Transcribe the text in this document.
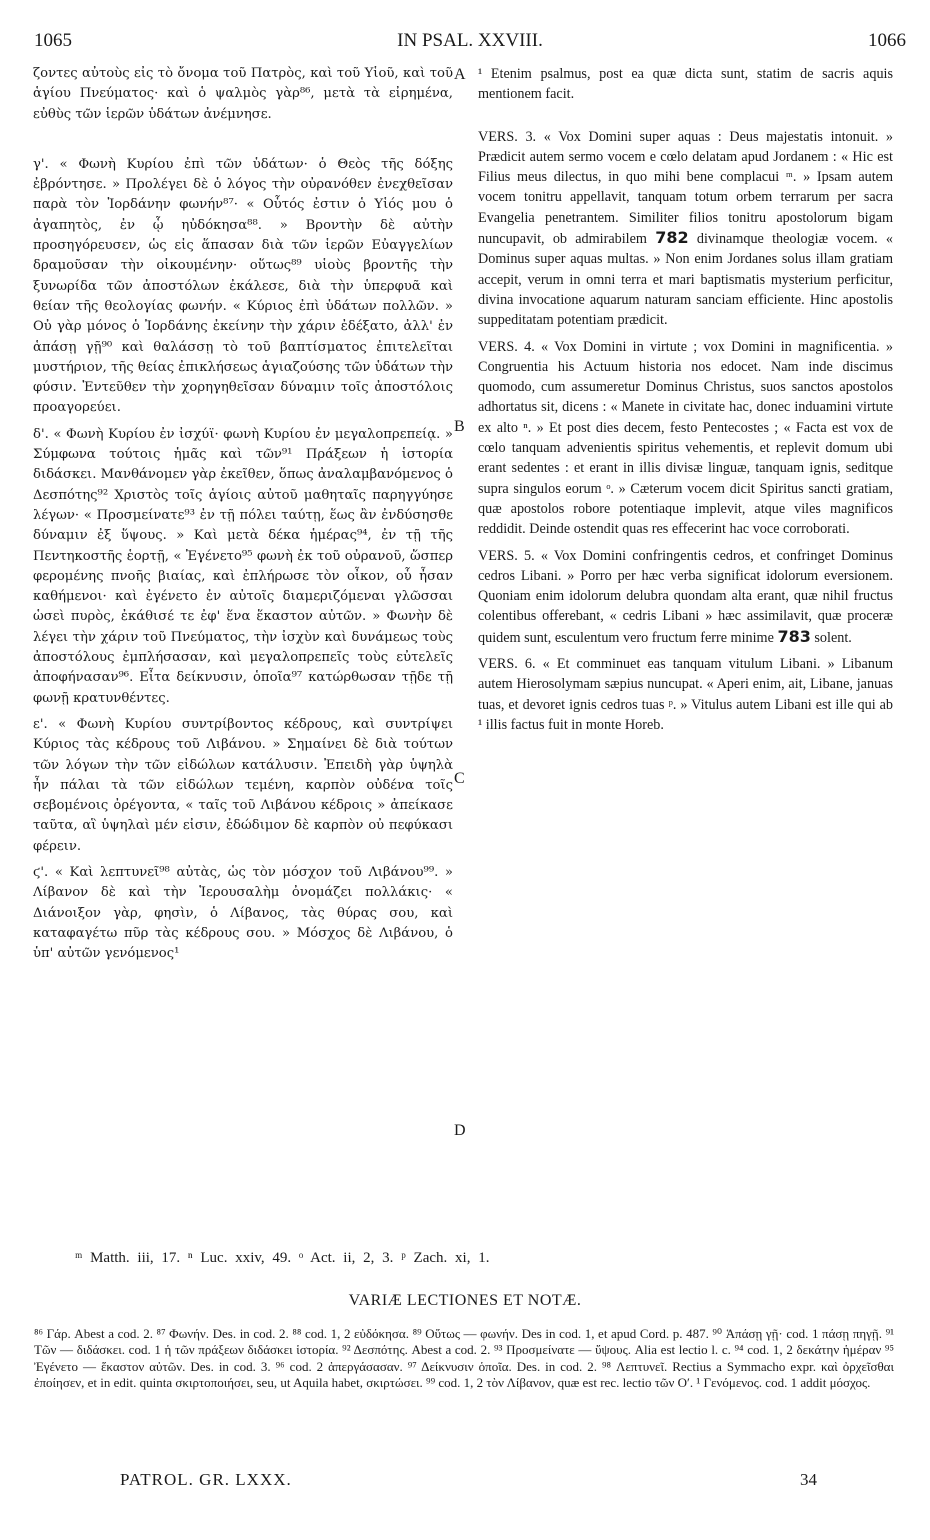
1065	IN PSAL. XXVIII.	1066

ζοντες αὐτοὺς εἰς τὸ ὄνομα τοῦ Πατρὸς, καὶ τοῦ Υἱοῦ, καὶ τοῦ ἁγίου Πνεύματος· καὶ ὁ ψαλμὸς γὰρ⁸⁶, μετὰ τὰ εἰρημένα, εὐθὺς τῶν ἱερῶν ὑδάτων ἀνέμνησε.

γ'. « Φωνὴ Κυρίου ἐπὶ τῶν ὑδάτων· ὁ Θεὸς τῆς δόξης ἐβρόντησε. » Προλέγει δὲ ὁ λόγος τὴν οὐρανόθεν ἐνεχθεῖσαν παρὰ τὸν Ἰορδάνην φωνήν⁸⁷· « Οὗτός ἐστιν ὁ Υἱός μου ὁ ἀγαπητὸς, ἐν ᾧ ηὐδόκησα⁸⁸. » Βροντὴν δὲ αὐτὴν προσηγόρευσεν, ὡς εἰς ἅπασαν διὰ τῶν ἱερῶν Εὐαγγελίων δραμοῦσαν τὴν οἰκουμένην· οὕτως⁸⁹ υἱοὺς βροντῆς τὴν ξυνωρίδα τῶν ἀποστόλων ἐκάλεσε, διὰ τὴν ὑπερφυᾶ καὶ θείαν τῆς θεολογίας φωνήν. « Κύριος ἐπὶ ὑδάτων πολλῶν. » Οὐ γὰρ μόνος ὁ Ἰορδάνης ἐκείνην τὴν χάριν ἐδέξατο, ἀλλ' ἐν ἁπάσῃ γῇ⁹⁰ καὶ θαλάσσῃ τὸ τοῦ βαπτίσματος ἐπιτελεῖται μυστήριον, τῆς θείας ἐπικλήσεως ἁγιαζούσης τῶν ὑδάτων τὴν φύσιν. Ἐντεῦθεν τὴν χορηγηθεῖσαν δύναμιν τοῖς ἀποστόλοις προαγορεύει.

δ'. « Φωνὴ Κυρίου ἐν ἰσχύϊ· φωνὴ Κυρίου ἐν μεγαλοπρεπείᾳ. » Σύμφωνα τούτοις ἡμᾶς καὶ τῶν⁹¹ Πράξεων ἡ ἱστορία διδάσκει. Μανθάνομεν γὰρ ἐκεῖθεν, ὅπως ἀναλαμβανόμενος ὁ Δεσπότης⁹² Χριστὸς τοῖς ἁγίοις αὐτοῦ μαθηταῖς παρηγγύησε λέγων· « Προσμείνατε⁹³ ἐν τῇ πόλει ταύτῃ, ἕως ἂν ἐνδύσησθε δύναμιν ἐξ ὕψους. » Καὶ μετὰ δέκα ἡμέρας⁹⁴, ἐν τῇ τῆς Πεντηκοστῆς ἑορτῇ, « Ἐγένετο⁹⁵ φωνὴ ἐκ τοῦ οὐρανοῦ, ὥσπερ φερομένης πνοῆς βιαίας, καὶ ἐπλήρωσε τὸν οἶκον, οὗ ἦσαν καθήμενοι· καὶ ἐγένετο ἐν αὐτοῖς διαμεριζόμεναι γλῶσσαι ὡσεὶ πυρὸς, ἐκάθισέ τε ἐφ' ἕνα ἕκαστον αὐτῶν. » Φωνὴν δὲ λέγει τὴν χάριν τοῦ Πνεύματος, τὴν ἰσχὺν καὶ δυνάμεως τοὺς ἀποστόλους ἐμπλήσασαν, καὶ μεγαλοπρεπεῖς τοὺς εὐτελεῖς ἀποφήνασαν⁹⁶. Εἶτα δείκνυσιν, ὁποῖα⁹⁷ κατώρθωσαν τῇδε τῇ φωνῇ κρατυνθέντες.

ε'. « Φωνὴ Κυρίου συντρίβοντος κέδρους, καὶ συντρίψει Κύριος τὰς κέδρους τοῦ Λιβάνου. » Σημαίνει δὲ διὰ τούτων τῶν λόγων τὴν τῶν εἰδώλων κατάλυσιν. Ἐπειδὴ γὰρ ὑψηλὰ ἦν πάλαι τὰ τῶν εἰδώλων τεμένη, καρπὸν οὐδένα τοῖς σεβομένοις ὀρέγοντα, « ταῖς τοῦ Λιβάνου κέδροις » ἀπείκασε ταῦτα, αἳ ὑψηλαὶ μέν εἰσιν, ἐδώδιμον δὲ καρπὸν οὐ πεφύκασι φέρειν.

ϛ'. « Καὶ λεπτυνεῖ⁹⁸ αὐτὰς, ὡς τὸν μόσχον τοῦ Λιβάνου⁹⁹. » Λίβανον δὲ καὶ τὴν Ἱερουσαλὴμ ὀνομάζει πολλάκις· « Διάνοιξον γὰρ, φησὶν, ὁ Λίβανος, τὰς θύρας σου, καὶ καταφαγέτω πῦρ τὰς κέδρους σου. » Μόσχος δὲ Λιβάνου, ὁ ὑπ' αὐτῶν γενόμενος¹

¹ Etenim psalmus, post ea quæ dicta sunt, statim de sacris aquis mentionem facit.

VERS. 3. « Vox Domini super aquas : Deus majestatis intonuit. » Prædicit autem sermo vocem e cœlo delatam apud Jordanem : « Hic est Filius meus dilectus, in quo mihi bene complacui ᵐ. » Ipsam autem vocem tonitru appellavit, tanquam totum orbem terrarum per sacra Evangelia penetrantem. Similiter filios tonitru apostolorum bigam nuncupavit, ob admirabilem 782 divinamque theologiæ vocem. « Dominus super aquas multas. » Non enim Jordanes solus illam gratiam accepit, verum in omni terra et mari baptismatis mysterium perficitur, divina invocatione aquarum naturam sanciam efficiente. Hinc apostolis suppeditatam potentiam prædicit.

VERS. 4. « Vox Domini in virtute ; vox Domini in magnificentia. » Congruentia his Actuum historia nos edocet. Nam inde discimus quomodo, cum assumeretur Dominus Christus, suos sanctos apostolos adhortatus sit, dicens : « Manete in civitate hac, donec induamini virtute ex alto ⁿ. » Et post dies decem, festo Pentecostes ; « Facta est vox de cœlo tanquam advenientis spiritus vehementis, et replevit domum ubi erant sedentes : et erant in illis divisæ linguæ, tanquam ignis, seditque supra singulos eorum ᵒ. » Cæterum vocem dicit Spiritus sancti gratiam, quæ apostolos robore potentiaque implevit, atque viles magnificos reddidit. Deinde ostendit quas res effecerint hac voce corroborati.

VERS. 5. « Vox Domini confringentis cedros, et confringet Dominus cedros Libani. » Porro per hæc verba significat idolorum eversionem. Quoniam enim idolorum delubra quondam alta erant, quæ nihil fructus colentibus offerebant, « cedris Libani » hæc assimilavit, quæ proceræ quidem sunt, esculentum vero fructum ferre minime 783 solent.

VERS. 6. « Et comminuet eas tanquam vitulum Libani. » Libanum autem Hierosolymam sæpius nuncupat. « Aperi enim, ait, Libane, januas tuas, et devoret ignis cedros tuas ᵖ. » Vitulus autem Libani est ille qui ab ¹ illis factus fuit in monte Horeb.

A
B
C
D
ᵐ Matth. iii, 17. ⁿ Luc. xxiv, 49. ᵒ Act. ii, 2, 3. ᵖ Zach. xi, 1.
VARIÆ LECTIONES ET NOTÆ.
⁸⁶ Γάρ. Abest a cod. 2. ⁸⁷ Φωνήν. Des. in cod. 2. ⁸⁸ cod. 1, 2 εὐδόκησα. ⁸⁹ Οὕτως — φωνήν. Des in cod. 1, et apud Cord. p. 487. ⁹⁰ Ἁπάσῃ γῇ· cod. 1 πάσῃ πηγῇ. ⁹¹ Τῶν — διδάσκει. cod. 1 ἡ τῶν πράξεων διδάσκει ἱστορία. ⁹² Δεσπότης. Abest a cod. 2. ⁹³ Προσμείνατε — ὕψους. Alia est lectio l. c. ⁹⁴ cod. 1, 2 δεκάτην ἡμέραν ⁹⁵ Ἐγένετο — ἕκαστον αὐτῶν. Des. in cod. 3. ⁹⁶ cod. 2 ἀπεργάσασαν. ⁹⁷ Δείκνυσιν ὁποῖα. Des. in cod. 2. ⁹⁸ Λεπτυνεῖ. Rectius a Symmacho expr. καὶ ὀρχεῖσθαι ἐποίησεν, et in edit. quinta σκιρτοποιήσει, seu, ut Aquila habet, σκιρτώσει. ⁹⁹ cod. 1, 2 τὸν Λίβανον, quæ est rec. lectio τῶν Οʹ. ¹ Γενόμενος. cod. 1 addit μόσχος.
PATROL. GR. LXXX.	34
